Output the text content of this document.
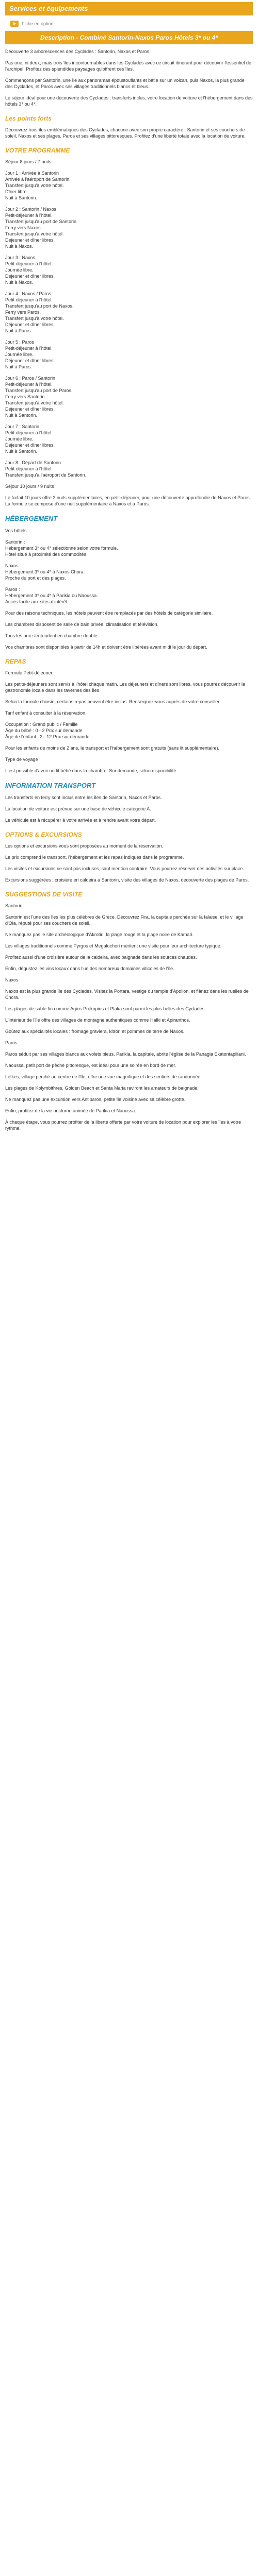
Services et équipements
Fiche en option
Description - Combiné Santorin-Naxos Paros Hôtels 3* ou 4*

Découverte 3 arborescences des Cyclades : Santorin, Naxos et Paros.

Pas une, ni deux, mais trois îles incontournables dans les Cyclades avec ce circuit itinérant pour découvrir l'essentiel de l'archipel. Profitez des splendides paysages qu'offrent ces îles.

Commençons par Santorin, une île aux panoramas époustouflants et bâtie sur un volcan, puis Naxos, la plus grande des Cyclades, et Paros avec ses villages traditionnels blancs et bleus.

Le séjour idéal pour une découverte des Cyclades : transferts inclus, votre location de voiture et l'hébergement dans des hôtels 3* ou 4*.

Les points forts

Découvrez trois îles emblématiques des Cyclades, chacune avec son propre caractère : Santorin et ses couchers de soleil, Naxos et ses plages, Paros et ses villages pittoresques. Profitez d'une liberté totale avec la location de voiture.

VOTRE PROGRAMME

Séjour 8 jours / 7 nuits

Jour 1 : Arrivée à Santorin
Arrivée à l'aéroport de Santorin.
Transfert jusqu'à votre hôtel.
Dîner libre.
Nuit à Santorin.
Jour 2 : Santorin / Naxos
Petit-déjeuner à l'hôtel.
Transfert jusqu'au port de Santorin.
Ferry vers Naxos.
Transfert jusqu'à votre hôtel.
Déjeuner et dîner libres.
Nuit à Naxos.
Jour 3 : Naxos
Petit-déjeuner à l'hôtel.
Journée libre.
Déjeuner et dîner libres.
Nuit à Naxos.
Jour 4 : Naxos / Paros
Petit-déjeuner à l'hôtel.
Transfert jusqu'au port de Naxos.
Ferry vers Paros.
Transfert jusqu'à votre hôtel.
Déjeuner et dîner libres.
Nuit à Paros.
Jour 5 : Paros
Petit-déjeuner à l'hôtel.
Journée libre.
Déjeuner et dîner libres.
Nuit à Paros.
Jour 6 : Paros / Santorin
Petit-déjeuner à l'hôtel.
Transfert jusqu'au port de Paros.
Ferry vers Santorin.
Transfert jusqu'à votre hôtel.
Déjeuner et dîner libres.
Nuit à Santorin.
Jour 7 : Santorin
Petit-déjeuner à l'hôtel.
Journée libre.
Déjeuner et dîner libres.
Nuit à Santorin.
Jour 8 : Départ de Santorin
Petit-déjeuner à l'hôtel.
Transfert jusqu'à l'aéroport de Santorin.

Séjour 10 jours / 9 nuits

Le forfait 10 jours offre 2 nuits supplémentaires, en petit-déjeuner, pour une découverte approfondie de Naxos et Paros. La formule se compose d'une nuit supplémentaire à Naxos et à Paros.

HÉBERGEMENT

Vos hôtels

Santorin :
Hébergement 3* ou 4* sélectionné selon votre formule.
Hôtel situé à proximité des commodités.
Naxos :
Hébergement 3* ou 4* à Naxos Chora.
Proche du port et des plages.
Paros :
Hébergement 3* ou 4* à Parikia ou Naoussa.
Accès facile aux sites d'intérêt.

Pour des raisons techniques, les hôtels peuvent être remplacés par des hôtels de catégorie similaire.

Les chambres disposent de salle de bain privée, climatisation et télévision.

Tous les prix s'entendent en chambre double.

Vos chambres sont disponibles à partir de 14h et doivent être libérées avant midi le jour du départ.

REPAS

Formule Petit-déjeuner.

Les petits-déjeuners sont servis à l'hôtel chaque matin. Les déjeuners et dîners sont libres, vous pourrez découvrir la gastronomie locale dans les tavernes des îles.

Selon la formule choisie, certains repas peuvent être inclus. Renseignez-vous auprès de votre conseiller.

Tarif enfant à consulter à la réservation.

Occupation : Grand public / Famille
Âge du bébé : 0 - 2 Prix sur demande
Âge de l'enfant : 2 - 12 Prix sur demande

Pour les enfants de moins de 2 ans, le transport et l'hébergement sont gratuits (sans lit supplémentaire).

Type de voyage

Il est possible d'avoir un lit bébé dans la chambre. Sur demande, selon disponibilité.

INFORMATION TRANSPORT

Les transferts en ferry sont inclus entre les îles de Santorin, Naxos et Paros.

La location de voiture est prévue sur une base de véhicule catégorie A.

Le véhicule est à récupérer à votre arrivée et à rendre avant votre départ.

OPTIONS & EXCURSIONS

Les options et excursions vous sont proposées au moment de la réservation.

Le prix comprend le transport, l'hébergement et les repas indiqués dans le programme.

Les visites et excursions ne sont pas incluses, sauf mention contraire. Vous pourrez réserver des activités sur place.

Excursions suggérées : croisière en caldeira à Santorin, visite des villages de Naxos, découverte des plages de Paros.

SUGGESTIONS DE VISITE

Santorin

Santorin est l'une des îles les plus célèbres de Grèce. Découvrez Fira, la capitale perchée sur la falaise, et le village d'Oia, réputé pour ses couchers de soleil.

Ne manquez pas le site archéologique d'Akrotiri, la plage rouge et la plage noire de Kamari.

Les villages traditionnels comme Pyrgos et Megalochori méritent une visite pour leur architecture typique.

Profitez aussi d'une croisière autour de la caldeira, avec baignade dans les sources chaudes.

Enfin, dégustez les vins locaux dans l'un des nombreux domaines viticoles de l'île.

Naxos

Naxos est la plus grande île des Cyclades. Visitez la Portara, vestige du temple d'Apollon, et flânez dans les ruelles de Chora.

Les plages de sable fin comme Agios Prokopios et Plaka sont parmi les plus belles des Cyclades.

L'intérieur de l'île offre des villages de montagne authentiques comme Halki et Apiranthos.

Goûtez aux spécialités locales : fromage graviera, kitron et pommes de terre de Naxos.

Paros

Paros séduit par ses villages blancs aux volets bleus. Parikia, la capitale, abrite l'église de la Panagia Ekatontapiliani.

Naoussa, petit port de pêche pittoresque, est idéal pour une soirée en bord de mer.

Lefkes, village perché au centre de l'île, offre une vue magnifique et des sentiers de randonnée.

Les plages de Kolymbithres, Golden Beach et Santa Maria raviront les amateurs de baignade.

Ne manquez pas une excursion vers Antiparos, petite île voisine avec sa célèbre grotte.

Enfin, profitez de la vie nocturne animée de Parikia et Naoussa.

À chaque étape, vous pourrez profiter de la liberté offerte par votre voiture de location pour explorer les îles à votre rythme.
